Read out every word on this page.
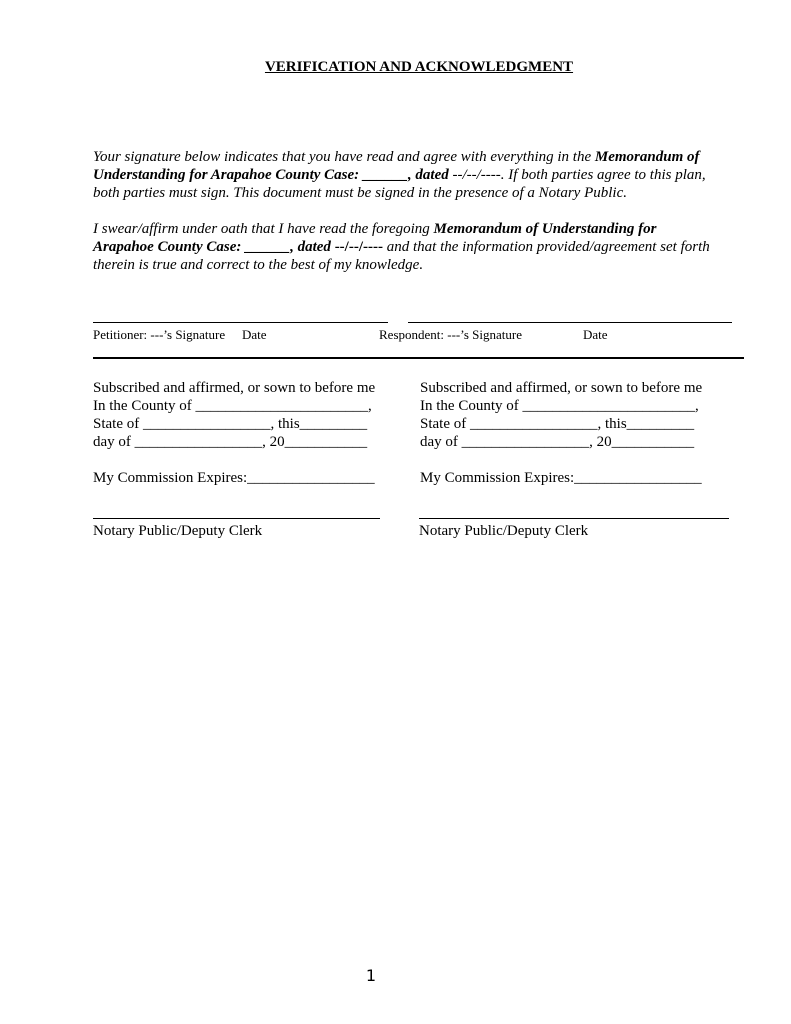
VERIFICATION AND ACKNOWLEDGMENT
Your signature below indicates that you have read and agree with everything in the Memorandum of
Understanding for Arapahoe County Case: ______, dated --/--/----. If both parties agree to this plan,
both parties must sign. This document must be signed in the presence of a Notary Public.
I swear/affirm under oath that I have read the foregoing Memorandum of Understanding for
Arapahoe County Case: ______, dated --/--/---- and that the information provided/agreement set forth
therein is true and correct to the best of my knowledge.
Petitioner: ---’s Signature Date	Respondent: ---’s Signature	Date
Subscribed and affirmed, or sown to before me
In the County of _______________________,
State of _________________, this_________
day of _________________, 20___________
My Commission Expires:_________________
Notary Public/Deputy Clerk
Subscribed and affirmed, or sown to before me
In the County of _______________________,
State of _________________, this_________
day of _________________, 20___________
My Commission Expires:_________________
Notary Public/Deputy Clerk
1
